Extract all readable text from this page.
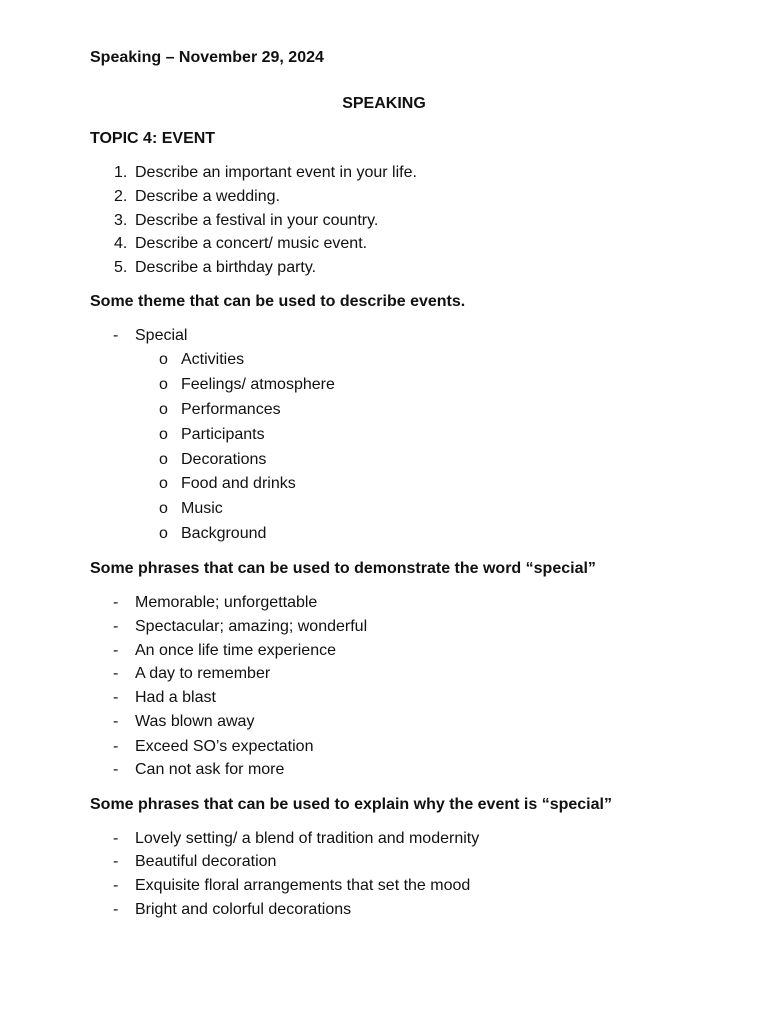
Speaking – November 29, 2024
SPEAKING
TOPIC 4: EVENT
1. Describe an important event in your life.
2. Describe a wedding.
3. Describe a festival in your country.
4. Describe a concert/ music event.
5. Describe a birthday party.
Some theme that can be used to describe events.
- Special
o Activities
o Feelings/ atmosphere
o Performances
o Participants
o Decorations
o Food and drinks
o Music
o Background
Some phrases that can be used to demonstrate the word “special”
- Memorable; unforgettable
- Spectacular; amazing; wonderful
- An once life time experience
- A day to remember
- Had a blast
- Was blown away
- Exceed SO’s expectation
- Can not ask for more
Some phrases that can be used to explain why the event is “special”
- Lovely setting/ a blend of tradition and modernity
- Beautiful decoration
- Exquisite floral arrangements that set the mood
- Bright and colorful decorations
